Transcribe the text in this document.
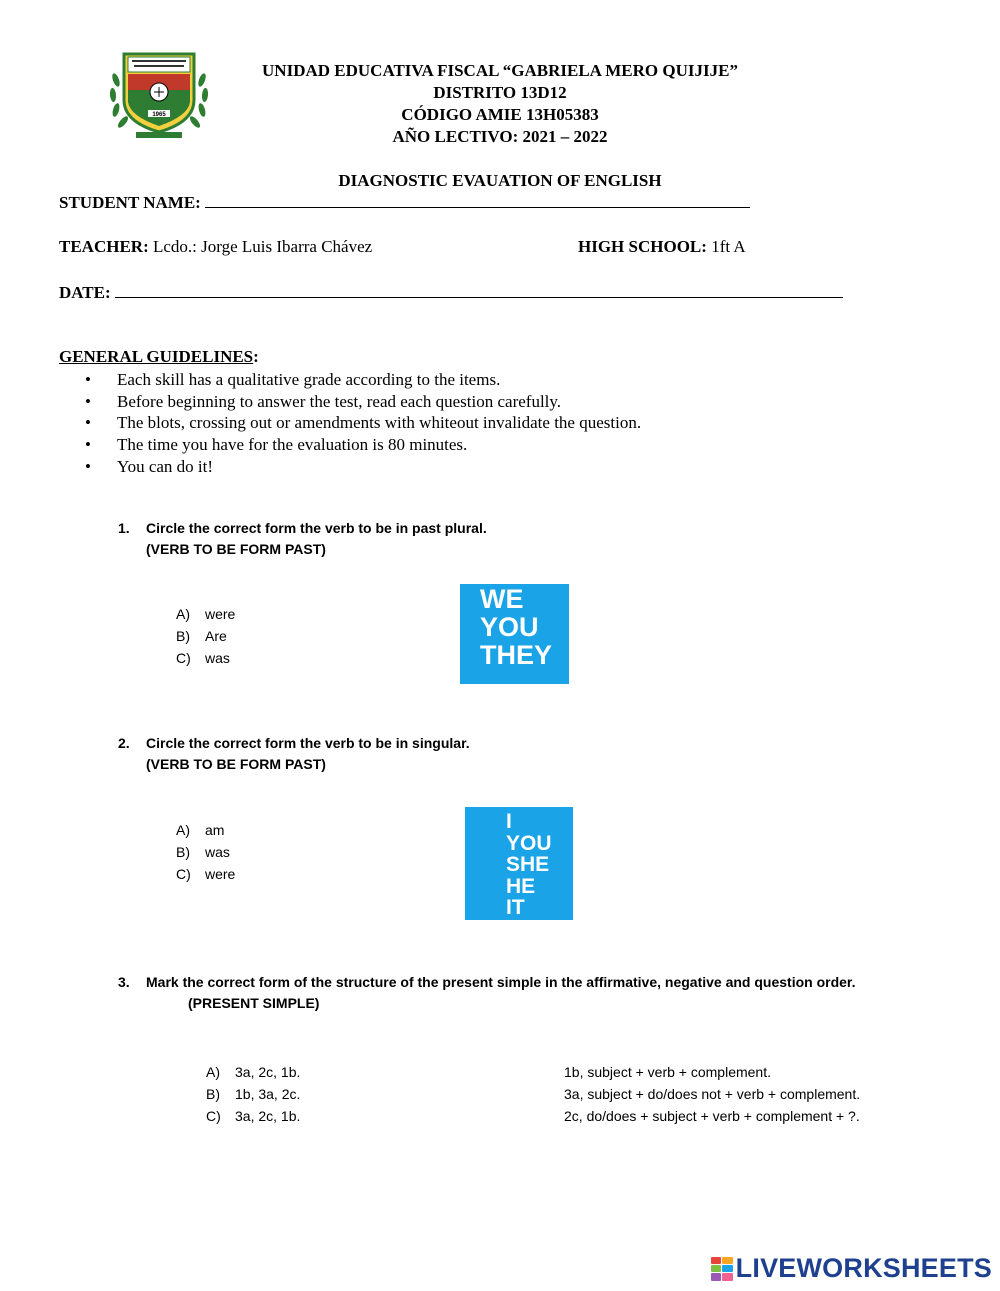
1965
UNIDAD EDUCATIVA FISCAL “GABRIELA MERO QUIJIJE”
DISTRITO 13D12
CÓDIGO AMIE 13H05383
AÑO LECTIVO: 2021 – 2022
DIAGNOSTIC EVAUATION OF ENGLISH
STUDENT NAME:
TEACHER: Lcdo.: Jorge Luis Ibarra Chávez	HIGH SCHOOL: 1ft A
DATE:
GENERAL GUIDELINES:
•	Each skill has a qualitative grade according to the items.
•	Before beginning to answer the test, read each question carefully.
•	The blots, crossing out or amendments with whiteout invalidate the question.
•	The time you have for the evaluation is 80 minutes.
•	You can do it!
1. Circle the correct form the verb to be in past plural.
(VERB TO BE FORM PAST)
A)	were
B)	Are
C)	was
WE
YOU
THEY
2. Circle the correct form the verb to be in singular.
(VERB TO BE FORM PAST)
A)	am
B)	was
C)	were
I
YOU
SHE
HE
IT
3. Mark the correct form of the structure of the present simple in the affirmative, negative and question order.
(PRESENT SIMPLE)
A)	3a, 2c, 1b.
B)	1b, 3a, 2c.
C)	3a, 2c, 1b.
1b, subject + verb + complement.
3a, subject + do/does not + verb + complement.
2c, do/does + subject + verb + complement + ?.
LIVEWORKSHEETS
